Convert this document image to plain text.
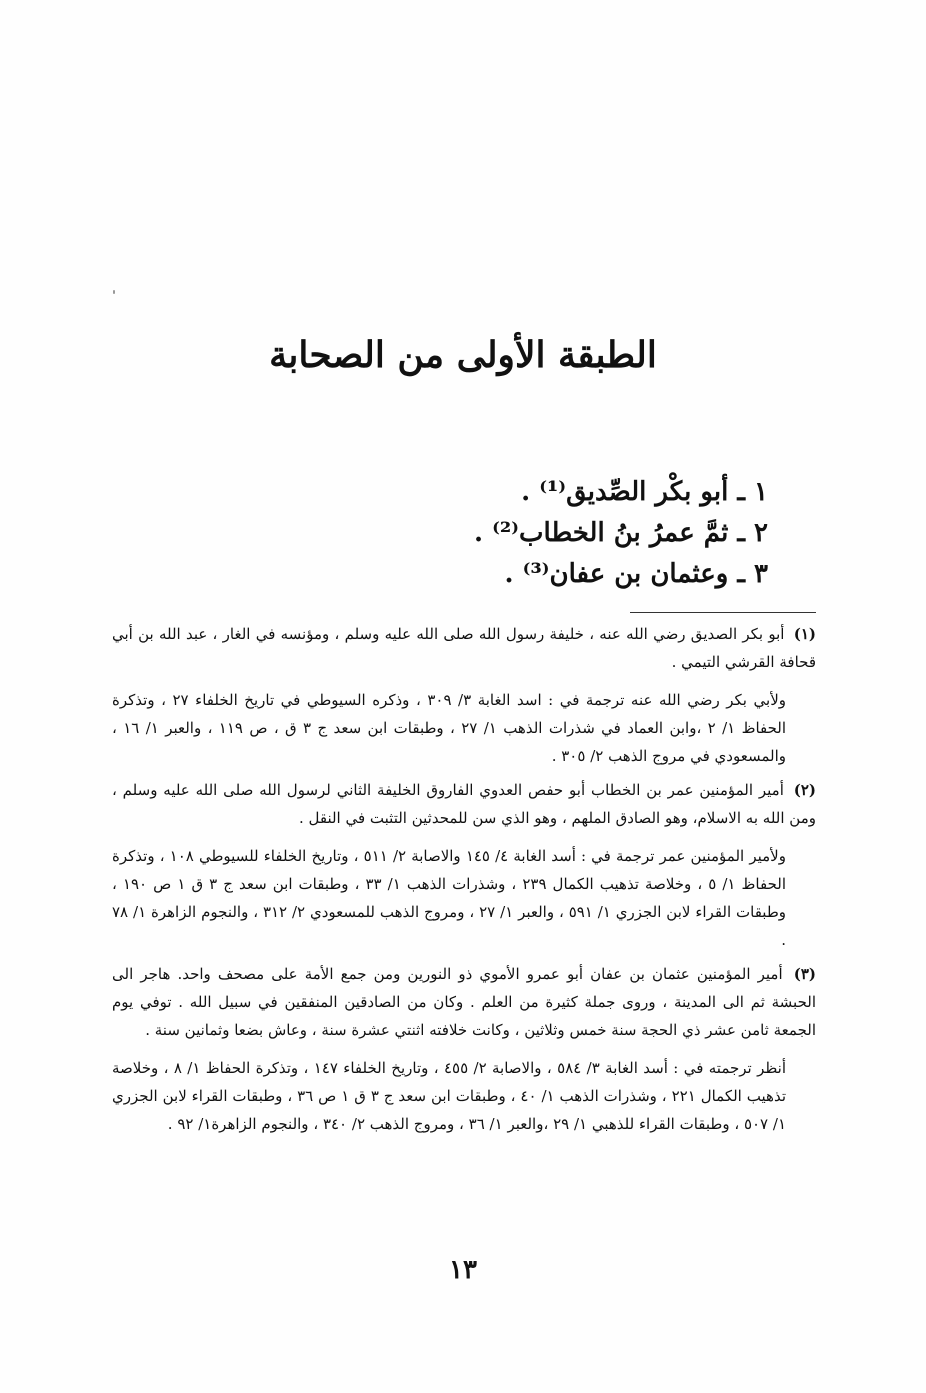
الطبقة الأولى من الصحابة
١ ـ أبو بكْر الصِّديق⁽¹⁾ .
٢ ـ ثمَّ عمرُ بنُ الخطاب⁽²⁾ .
٣ ـ وعثمان بن عفان⁽³⁾ .

(١) أبو بكر الصديق رضي الله عنه ، خليفة رسول الله صلى الله عليه وسلم ، ومؤنسه في الغار ، عبد الله بن أبي قحافة القرشي التيمي .

ولأبي بكر رضي الله عنه ترجمة في : اسد الغابة ٣/ ٣٠٩ ، وذكره السيوطي في تاريخ الخلفاء ٢٧ ، وتذكرة الحفاظ ١/ ٢ ،وابن العماد في شذرات الذهب ١/ ٢٧ ، وطبقات ابن سعد ج ٣ ق ، ص ١١٩ ، والعبر ١/ ١٦ ، والمسعودي في مروج الذهب ٢/ ٣٠٥ .

(٢) أمير المؤمنين عمر بن الخطاب أبو حفص العدوي الفاروق الخليفة الثاني لرسول الله صلى الله عليه وسلم ، ومن الله به الاسلام، وهو الصادق الملهم ، وهو الذي سن للمحدثين التثبت في النقل .

ولأمير المؤمنين عمر ترجمة في : أسد الغابة ٤/ ١٤٥ والاصابة ٢/ ٥١١ ، وتاريخ الخلفاء للسيوطي ١٠٨ ، وتذكرة الحفاظ ١/ ٥ ، وخلاصة تذهيب الكمال ٢٣٩ ، وشذرات الذهب ١/ ٣٣ ، وطبقات ابن سعد ج ٣ ق ١ ص ١٩٠ ، وطبقات القراء لابن الجزري ١/ ٥٩١ ، والعبر ١/ ٢٧ ، ومروج الذهب للمسعودي ٢/ ٣١٢ ، والنجوم الزاهرة ١/ ٧٨ .

(٣) أمير المؤمنين عثمان بن عفان أبو عمرو الأموي ذو النورين ومن جمع الأمة على مصحف واحد. هاجر الى الحبشة ثم الى المدينة ، وروى جملة كثيرة من العلم . وكان من الصادقين المنفقين في سبيل الله . توفي يوم الجمعة ثامن عشر ذي الحجة سنة خمس وثلاثين ، وكانت خلافته اثنتي عشرة سنة ، وعاش بضعا وثمانين سنة .

أنظر ترجمته في : أسد الغابة ٣/ ٥٨٤ ، والاصابة ٢/ ٤٥٥ ، وتاريخ الخلفاء ١٤٧ ، وتذكرة الحفاظ ١/ ٨ ، وخلاصة تذهيب الكمال ٢٢١ ، وشذرات الذهب ١/ ٤٠ ، وطبقات ابن سعد ج ٣ ق ١ ص ٣٦ ، وطبقات القراء لابن الجزري ١/ ٥٠٧ ، وطبقات القراء للذهبي ١/ ٢٩ ،والعبر ١/ ٣٦ ، ومروج الذهب ٢/ ٣٤٠ ، والنجوم الزاهرة١/ ٩٢ .

١٣
